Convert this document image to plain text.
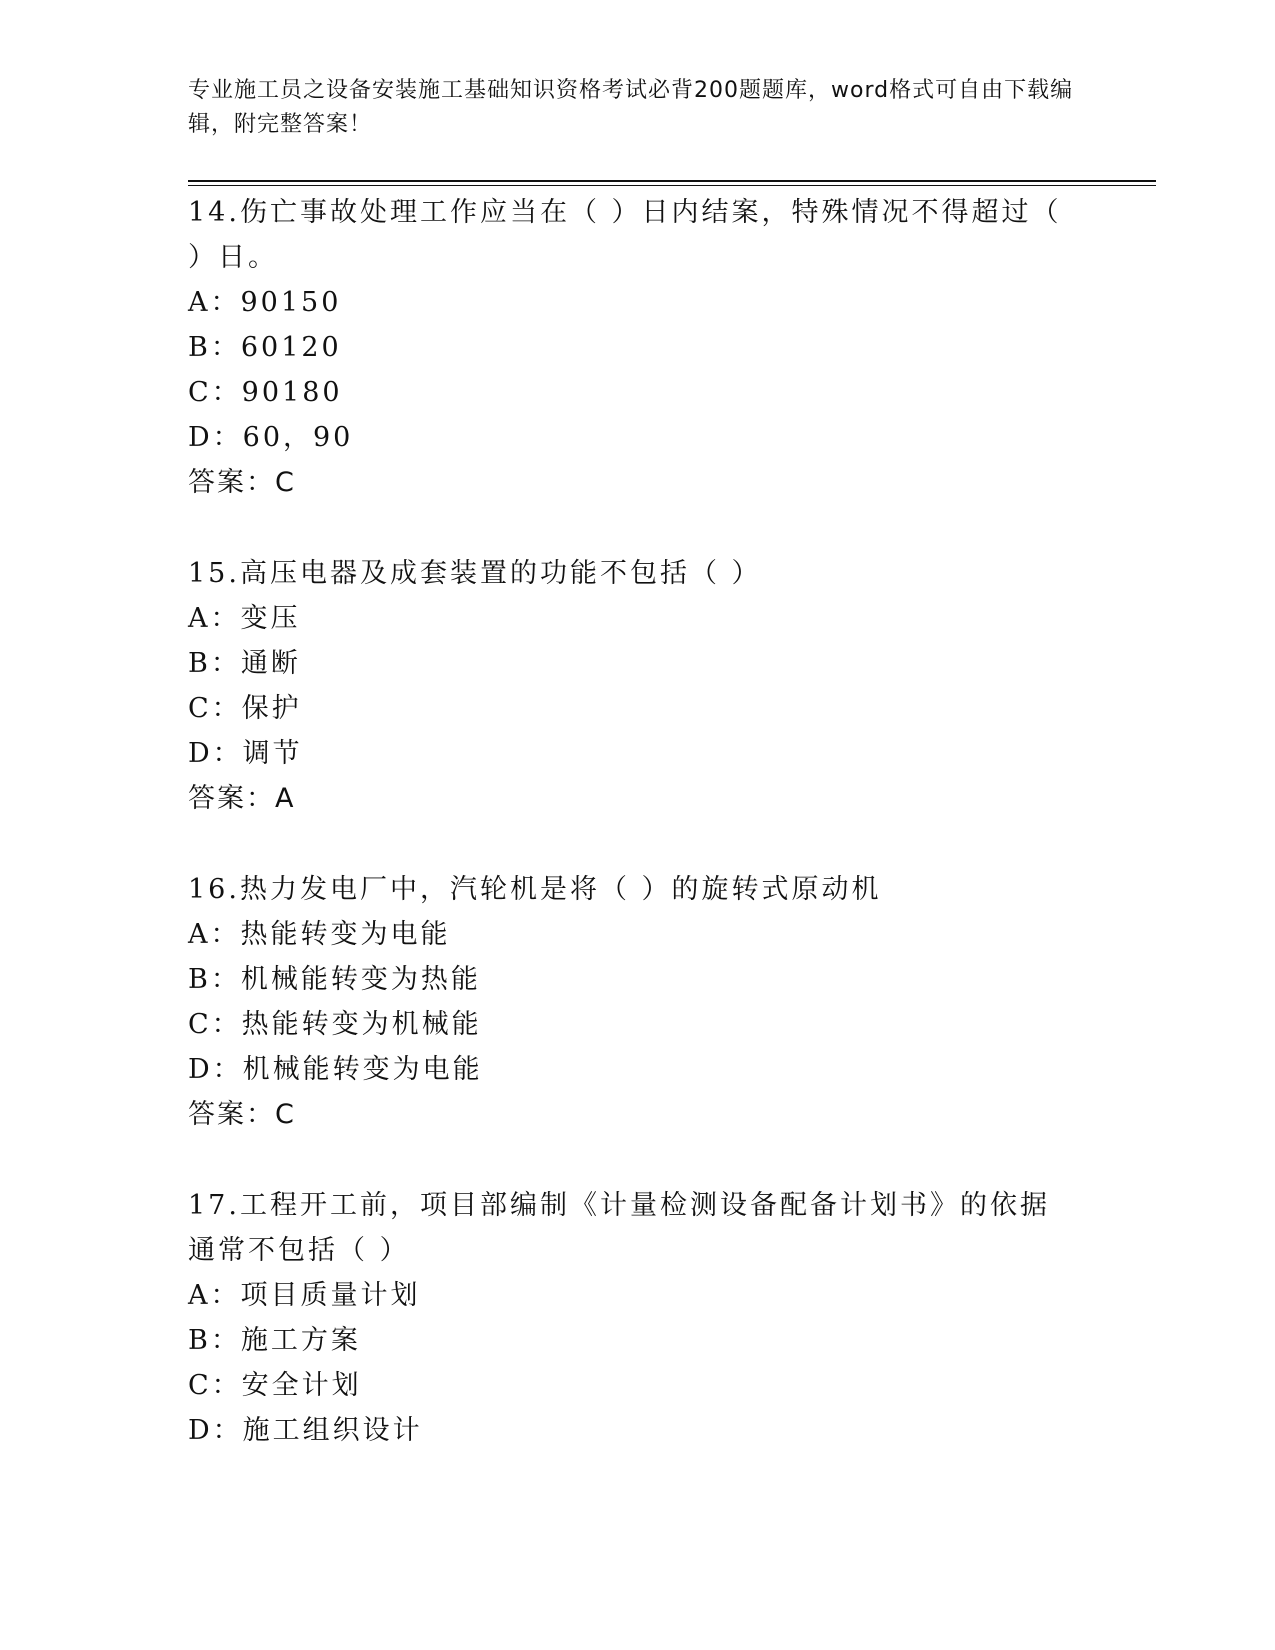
专业施工员之设备安装施工基础知识资格考试必背200题题库，word格式可自由下载编辑，附完整答案！

14.伤亡事故处理工作应当在（ ）日内结案，特殊情况不得超过（ ）日。

A：90150
B：60120
C：90180
D：60，90
答案：C

15.高压电器及成套装置的功能不包括（ ）

A：变压
B：通断
C：保护
D：调节
答案：A

16.热力发电厂中，汽轮机是将（ ）的旋转式原动机

A：热能转变为电能
B：机械能转变为热能
C：热能转变为机械能
D：机械能转变为电能
答案：C

17.工程开工前，项目部编制《计量检测设备配备计划书》的依据通常不包括（ ）

A：项目质量计划
B：施工方案
C：安全计划
D：施工组织设计
